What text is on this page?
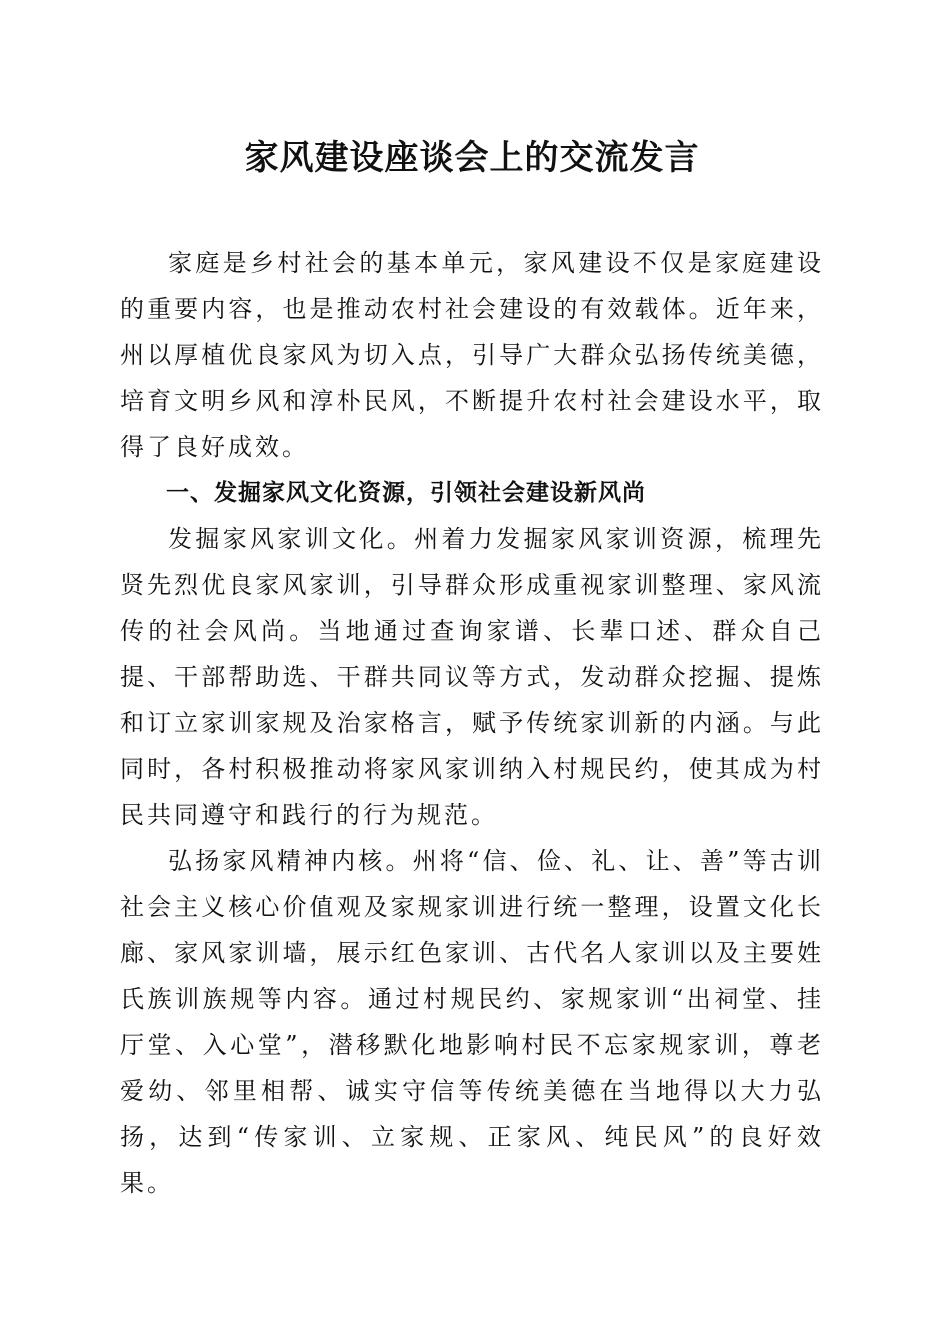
家风建设座谈会上的交流发言

家庭是乡村社会的基本单元，家风建设不仅是家庭建设的重要内容，也是推动农村社会建设的有效载体。近年来，州以厚植优良家风为切入点，引导广大群众弘扬传统美德，培育文明乡风和淳朴民风，不断提升农村社会建设水平，取得了良好成效。

一、发掘家风文化资源，引领社会建设新风尚

发掘家风家训文化。州着力发掘家风家训资源，梳理先贤先烈优良家风家训，引导群众形成重视家训整理、家风流传的社会风尚。当地通过查询家谱、长辈口述、群众自己提、干部帮助选、干群共同议等方式，发动群众挖掘、提炼和订立家训家规及治家格言，赋予传统家训新的内涵。与此同时，各村积极推动将家风家训纳入村规民约，使其成为村民共同遵守和践行的行为规范。

弘扬家风精神内核。州将“信、俭、礼、让、善”等古训社会主义核心价值观及家规家训进行统一整理，设置文化长廊、家风家训墙，展示红色家训、古代名人家训以及主要姓氏族训族规等内容。通过村规民约、家规家训“出祠堂、挂厅堂、入心堂”，潜移默化地影响村民不忘家规家训，尊老爱幼、邻里相帮、诚实守信等传统美德在当地得以大力弘扬，达到“传家训、立家规、正家风、纯民风”的良好效果。
